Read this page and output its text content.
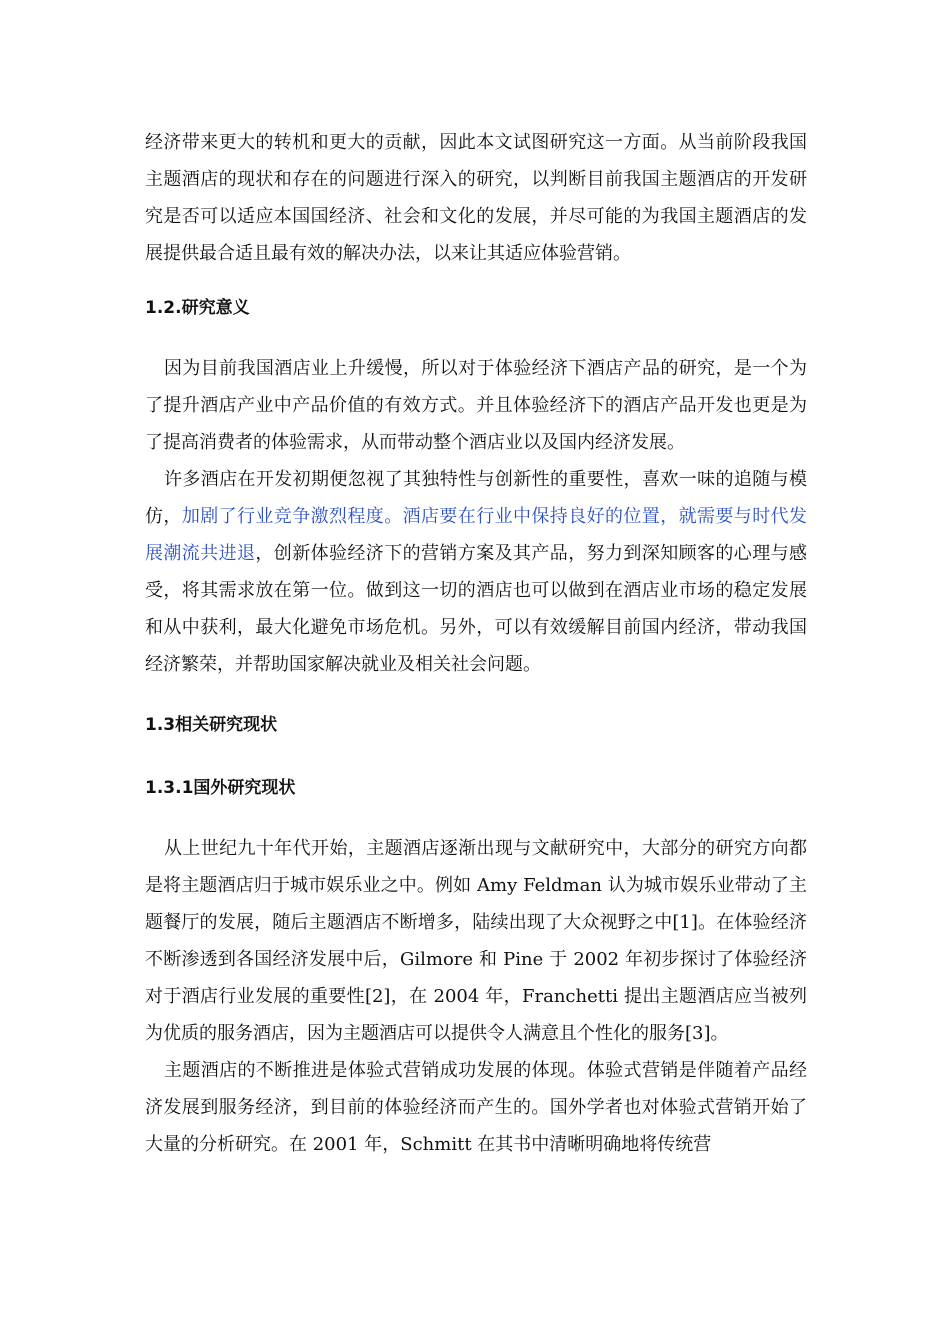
经济带来更大的转机和更大的贡献，因此本文试图研究这一方面。从当前阶段我国主题酒店的现状和存在的问题进行深入的研究，以判断目前我国主题酒店的开发研究是否可以适应本国国经济、社会和文化的发展，并尽可能的为我国主题酒店的发展提供最合适且最有效的解决办法，以来让其适应体验营销。

1.2.研究意义

因为目前我国酒店业上升缓慢，所以对于体验经济下酒店产品的研究，是一个为了提升酒店产业中产品价值的有效方式。并且体验经济下的酒店产品开发也更是为了提高消费者的体验需求，从而带动整个酒店业以及国内经济发展。

许多酒店在开发初期便忽视了其独特性与创新性的重要性，喜欢一味的追随与模仿，加剧了行业竞争激烈程度。酒店要在行业中保持良好的位置，就需要与时代发展潮流共进退，创新体验经济下的营销方案及其产品，努力到深知顾客的心理与感受，将其需求放在第一位。做到这一切的酒店也可以做到在酒店业市场的稳定发展和从中获利，最大化避免市场危机。另外，可以有效缓解目前国内经济，带动我国经济繁荣，并帮助国家解决就业及相关社会问题。

1.3相关研究现状
1.3.1国外研究现状

从上世纪九十年代开始，主题酒店逐渐出现与文献研究中，大部分的研究方向都是将主题酒店归于城市娱乐业之中。例如 Amy Feldman 认为城市娱乐业带动了主题餐厅的发展，随后主题酒店不断增多，陆续出现了大众视野之中[1]。在体验经济不断渗透到各国经济发展中后，Gilmore 和 Pine 于 2002 年初步探讨了体验经济对于酒店行业发展的重要性[2]，在 2004 年，Franchetti 提出主题酒店应当被列为优质的服务酒店，因为主题酒店可以提供令人满意且个性化的服务[3]。

主题酒店的不断推进是体验式营销成功发展的体现。体验式营销是伴随着产品经济发展到服务经济，到目前的体验经济而产生的。国外学者也对体验式营销开始了大量的分析研究。在 2001 年，Schmitt 在其书中清晰明确地将传统营
